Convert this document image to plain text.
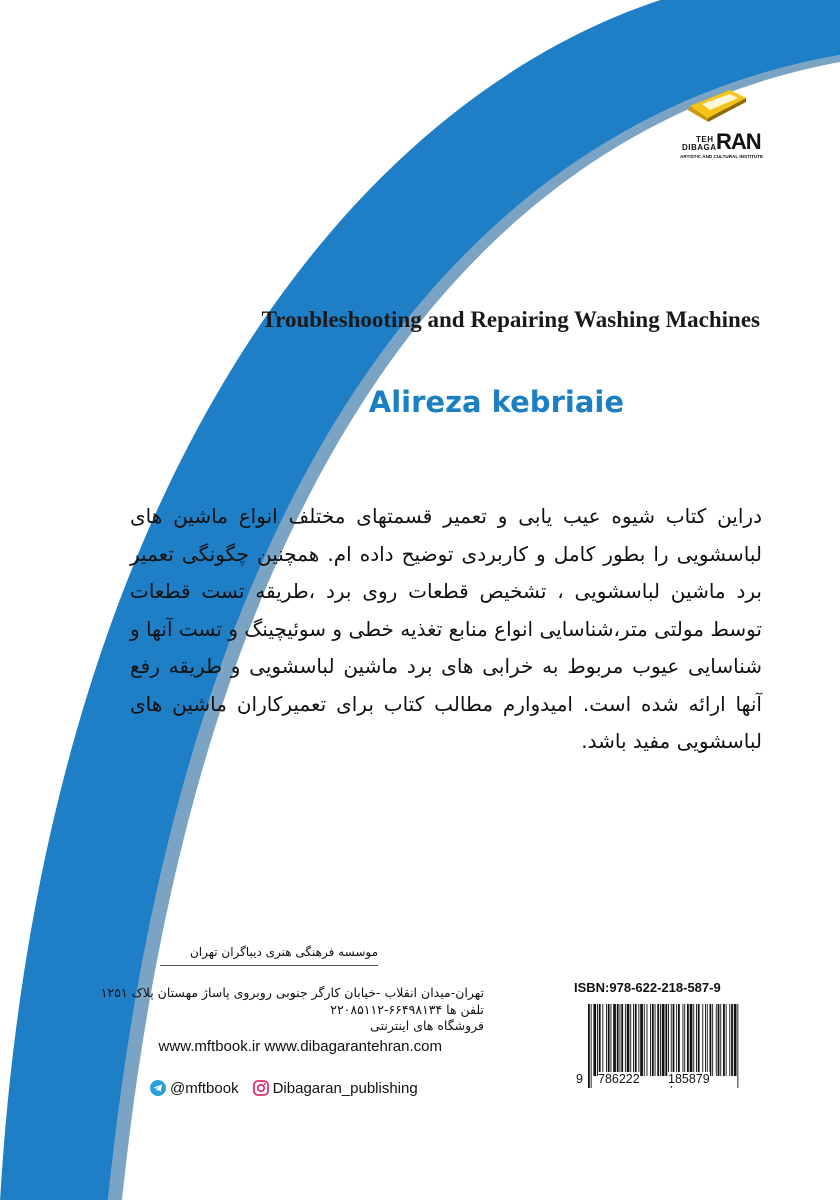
TEH
DIBAGA RAN
ARTISTIC AND CULTURAL INSTITUTE
Troubleshooting and Repairing Washing Machines
Alireza kebriaie
دراین کتاب شیوه عیب یابی و تعمیر قسمتهای مختلف انواع ماشین های لباسشویی را بطور کامل و کاربردی توضیح داده ام. همچنین چگونگی تعمیر برد ماشین لباسشویی ، تشخیص قطعات روی برد ،طریقه تست قطعات توسط مولتی متر،شناسایی انواع منابع تغذیه خطی و سوئیچینگ و تست آنها و شناسایی عیوب مربوط به خرابی های برد ماشین لباسشویی و طریقه رفع آنها ارائه شده است. امیدوارم مطالب کتاب برای تعمیرکاران ماشین های لباسشویی مفید باشد.
موسسه فرهنگی هنری دیباگران تهران
تهران-میدان انقلاب -خیابان کارگر جنوبی روبروی پاساژ مهستان پلاک ۱۲۵۱
تلفن ها ۶۶۴۹۸۱۳۴-۲۲۰۸۵۱۱۲
فروشگاه های اینترنتی
www.mftbook.ir www.dibagarantehran.com
@mftbook Dibagaran_publishing
ISBN:978-622-218-587-9
9 786222 185879
